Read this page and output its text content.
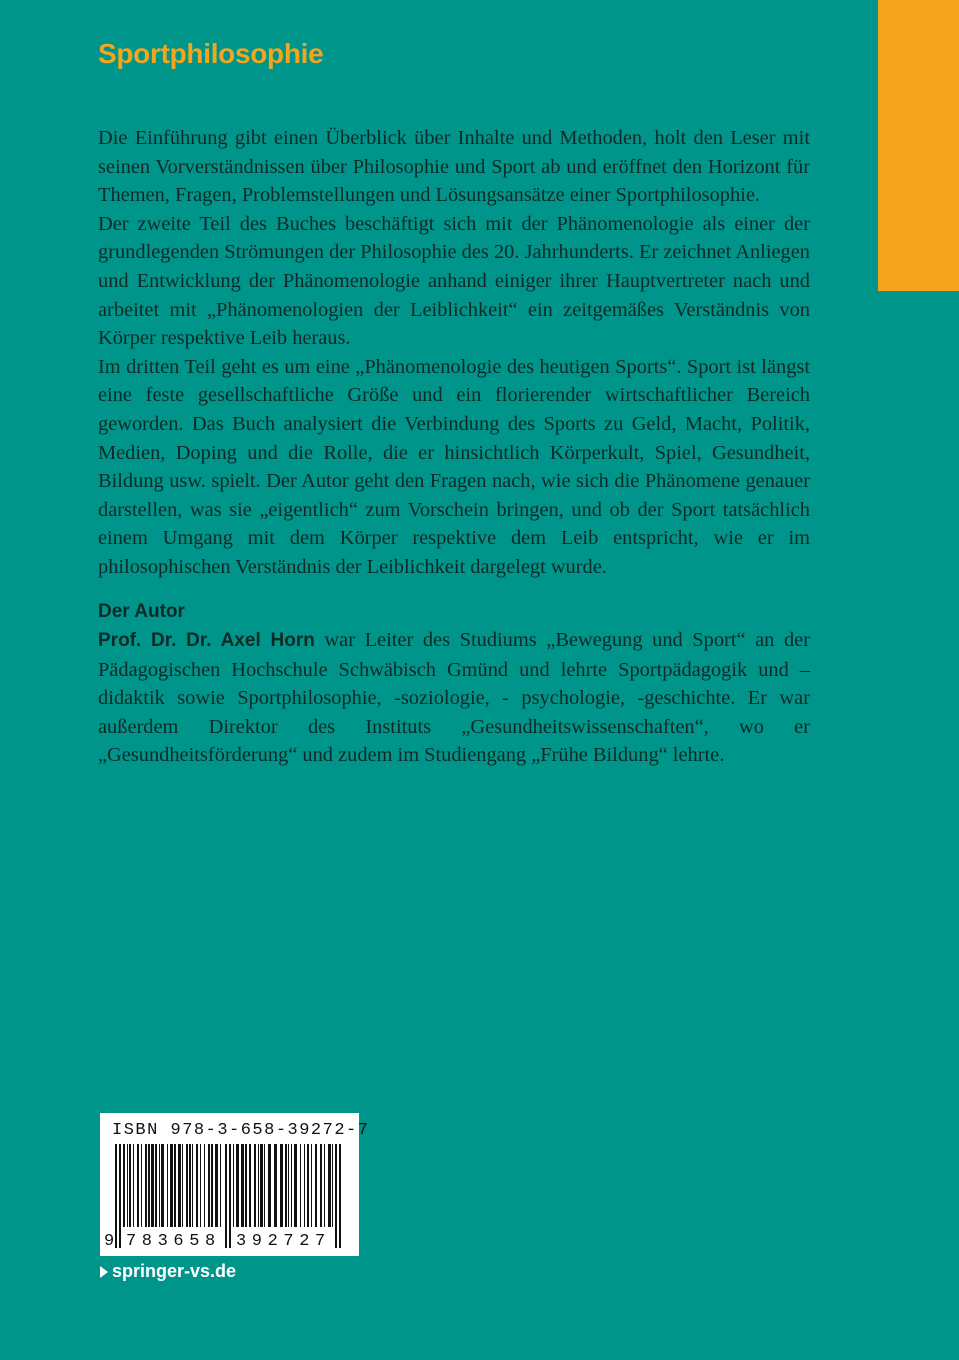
Sportphilosophie

Die Einführung gibt einen Überblick über Inhalte und Methoden, holt den Leser mit seinen Vorverständnissen über Philosophie und Sport ab und eröffnet den Horizont für Themen, Fragen, Problemstellungen und Lösungsansätze einer Sportphilosophie.

Der zweite Teil des Buches beschäftigt sich mit der Phänomenologie als einer der grundlegenden Strömungen der Philosophie des 20. Jahrhunderts. Er zeichnet Anliegen und Entwicklung der Phänomenologie anhand einiger ihrer Hauptvertreter nach und arbeitet mit „Phänomenologien der Leiblichkeit“ ein zeitgemäßes Verständnis von Körper respektive Leib heraus.

Im dritten Teil geht es um eine „Phänomenologie des heutigen Sports“. Sport ist längst eine feste gesellschaftliche Größe und ein florierender wirtschaftlicher Bereich geworden. Das Buch analysiert die Verbindung des Sports zu Geld, Macht, Politik, Medien, Doping und die Rolle, die er hinsichtlich Körperkult, Spiel, Gesundheit, Bildung usw. spielt. Der Autor geht den Fragen nach, wie sich die Phänomene genauer darstellen, was sie „eigentlich“ zum Vorschein bringen, und ob der Sport tatsächlich einem Umgang mit dem Körper respektive dem Leib entspricht, wie er im philosophischen Verständnis der Leiblichkeit dargelegt wurde.

Der Autor

Prof. Dr. Dr. Axel Horn war Leiter des Studiums „Bewegung und Sport“ an der Pädagogischen Hochschule Schwäbisch Gmünd und lehrte Sportpädagogik und –didaktik sowie Sportphilosophie, -soziologie, - psychologie, -geschichte. Er war außerdem Direktor des Instituts „Gesundheitswissenschaften“, wo er „Gesundheitsförderung“ und zudem im Studiengang „Frühe Bildung“ lehrte.

ISBN 978-3-658-39272-7
9 783658 392727
springer-vs.de
